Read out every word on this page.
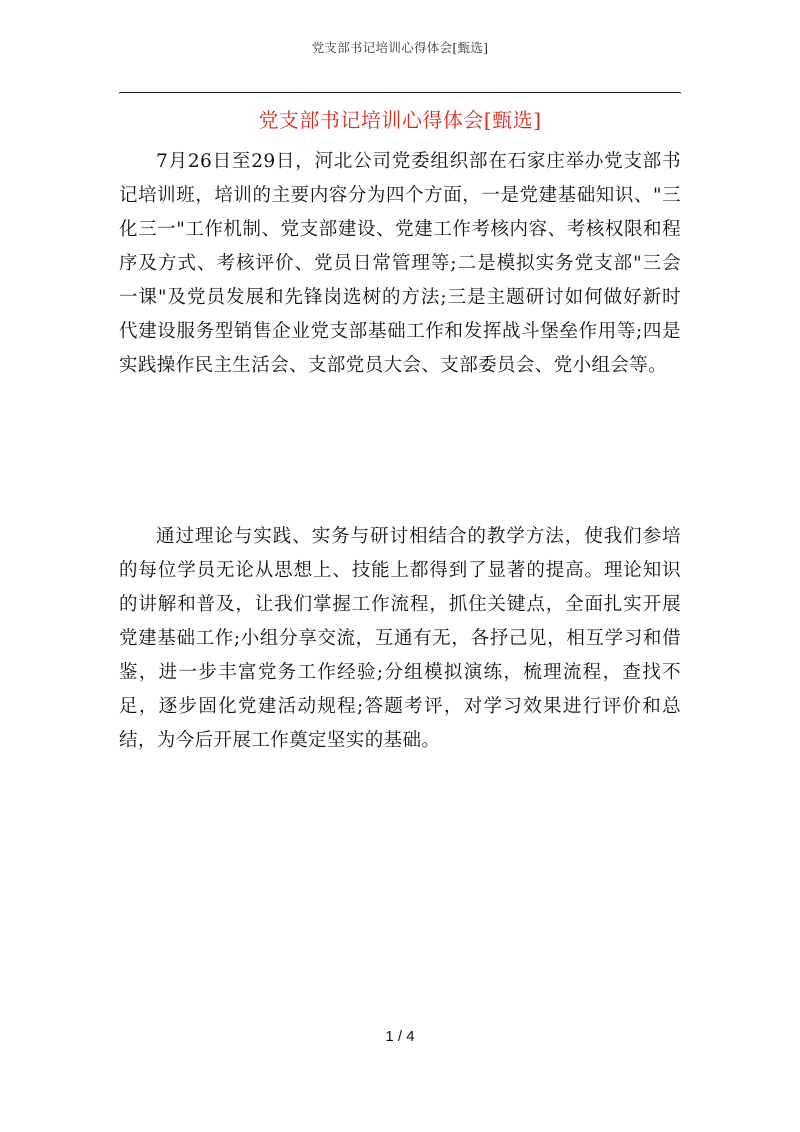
党支部书记培训心得体会[甄选]
党支部书记培训心得体会[甄选]

7月26日至29日，河北公司党委组织部在石家庄举办党支部书记培训班，培训的主要内容分为四个方面，一是党建基础知识、"三化三一"工作机制、党支部建设、党建工作考核内容、考核权限和程序及方式、考核评价、党员日常管理等;二是模拟实务党支部"三会一课"及党员发展和先锋岗选树的方法;三是主题研讨如何做好新时代建设服务型销售企业党支部基础工作和发挥战斗堡垒作用等;四是实践操作民主生活会、支部党员大会、支部委员会、党小组会等。

通过理论与实践、实务与研讨相结合的教学方法，使我们参培的每位学员无论从思想上、技能上都得到了显著的提高。理论知识的讲解和普及，让我们掌握工作流程，抓住关键点，全面扎实开展党建基础工作;小组分享交流，互通有无，各抒己见，相互学习和借鉴，进一步丰富党务工作经验;分组模拟演练，梳理流程，查找不足，逐步固化党建活动规程;答题考评，对学习效果进行评价和总结，为今后开展工作奠定坚实的基础。

1 / 4
